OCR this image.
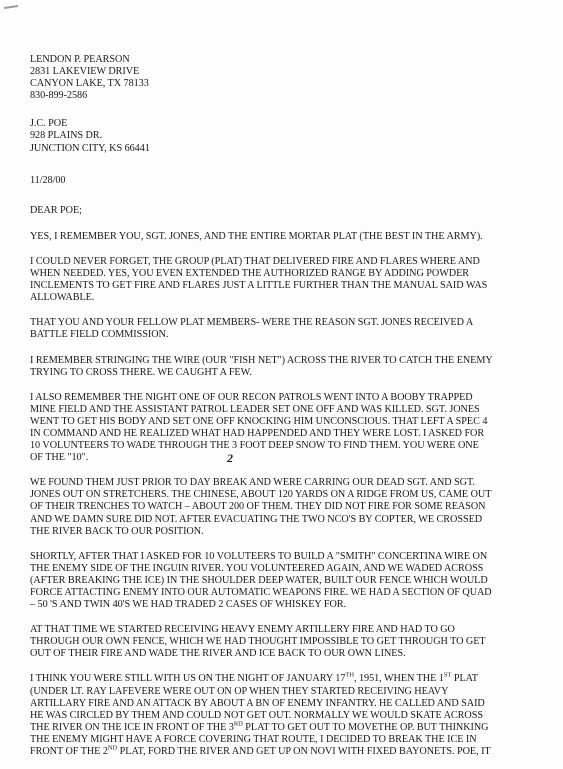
LENDON P. PEARSON
2831 LAKEVIEW DRIVE
CANYON LAKE, TX 78133
830-899-2586
J.C. POE
928 PLAINS DR.
JUNCTION CITY, KS 66441
11/28/00
DEAR POE;
YES, I REMEMBER YOU, SGT. JONES, AND THE ENTIRE MORTAR PLAT (THE BEST IN THE ARMY).
I COULD NEVER FORGET, THE GROUP (PLAT) THAT DELIVERED FIRE AND FLARES WHERE AND
WHEN NEEDED. YES, YOU EVEN EXTENDED THE AUTHORIZED RANGE BY ADDING POWDER
INCLEMENTS TO GET FIRE AND FLARES JUST A LITTLE FURTHER THAN THE MANUAL SAID WAS
ALLOWABLE.
THAT YOU AND YOUR FELLOW PLAT MEMBERS- WERE THE REASON SGT. JONES RECEIVED A
BATTLE FIELD COMMISSION.
I REMEMBER STRINGING THE WIRE (OUR "FISH NET") ACROSS THE RIVER TO CATCH THE ENEMY
TRYING TO CROSS THERE. WE CAUGHT A FEW.
I ALSO REMEMBER THE NIGHT ONE OF OUR RECON PATROLS WENT INTO A BOOBY TRAPPED
MINE FIELD AND THE ASSISTANT PATROL LEADER SET ONE OFF AND WAS KILLED. SGT. JONES
WENT TO GET HIS BODY AND SET ONE OFF KNOCKING HIM UNCONSCIOUS. THAT LEFT A SPEC 4
IN COMMAND AND HE REALIZED WHAT HAD HAPPENDED AND THEY WERE LOST. I ASKED FOR
10 VOLUNTEERS TO WADE THROUGH THE 3 FOOT DEEP SNOW TO FIND THEM. YOU WERE ONE
OF THE "10".
WE FOUND THEM JUST PRIOR TO DAY BREAK AND WERE CARRING OUR DEAD SGT. AND SGT.
JONES OUT ON STRETCHERS. THE CHINESE, ABOUT 120 YARDS ON A RIDGE FROM US, CAME OUT
OF THEIR TRENCHES TO WATCH – ABOUT 200 OF THEM. THEY DID NOT FIRE FOR SOME REASON
AND WE DAMN SURE DID NOT. AFTER EVACUATING THE TWO NCO'S BY COPTER, WE CROSSED
THE RIVER BACK TO OUR POSITION.
SHORTLY, AFTER THAT I ASKED FOR 10 VOLUTEERS TO BUILD A "SMITH" CONCERTINA WIRE ON
THE ENEMY SIDE OF THE INGUIN RIVER. YOU VOLUNTEERED AGAIN, AND WE WADED ACROSS
(AFTER BREAKING THE ICE) IN THE SHOULDER DEEP WATER, BUILT OUR FENCE WHICH WOULD
FORCE ATTACTING ENEMY INTO OUR AUTOMATIC WEAPONS FIRE. WE HAD A SECTION OF QUAD
– 50 'S AND TWIN 40'S WE HAD TRADED 2 CASES OF WHISKEY FOR.
AT THAT TIME WE STARTED RECEIVING HEAVY ENEMY ARTILLERY FIRE AND HAD TO GO
THROUGH OUR OWN FENCE, WHICH WE HAD THOUGHT IMPOSSIBLE TO GET THROUGH TO GET
OUT OF THEIR FIRE AND WADE THE RIVER AND ICE BACK TO OUR OWN LINES.
I THINK YOU WERE STILL WITH US ON THE NIGHT OF JANUARY 17TH, 1951, WHEN THE 1ST PLAT
(UNDER LT. RAY LAFEVERE WERE OUT ON OP WHEN THEY STARTED RECEIVING HEAVY
ARTILLARY FIRE AND AN ATTACK BY ABOUT A BN OF ENEMY INFANTRY. HE CALLED AND SAID
HE WAS CIRCLED BY THEM AND COULD NOT GET OUT. NORMALLY WE WOULD SKATE ACROSS
THE RIVER ON THE ICE IN FRONT OF THE 3RD PLAT TO GET OUT TO MOVETHE OP. BUT THINKING
THE ENEMY MIGHT HAVE A FORCE COVERING THAT ROUTE, I DECIDED TO BREAK THE ICE IN
FRONT OF THE 2ND PLAT, FORD THE RIVER AND GET UP ON NOVI WITH FIXED BAYONETS. POE, IT
2
